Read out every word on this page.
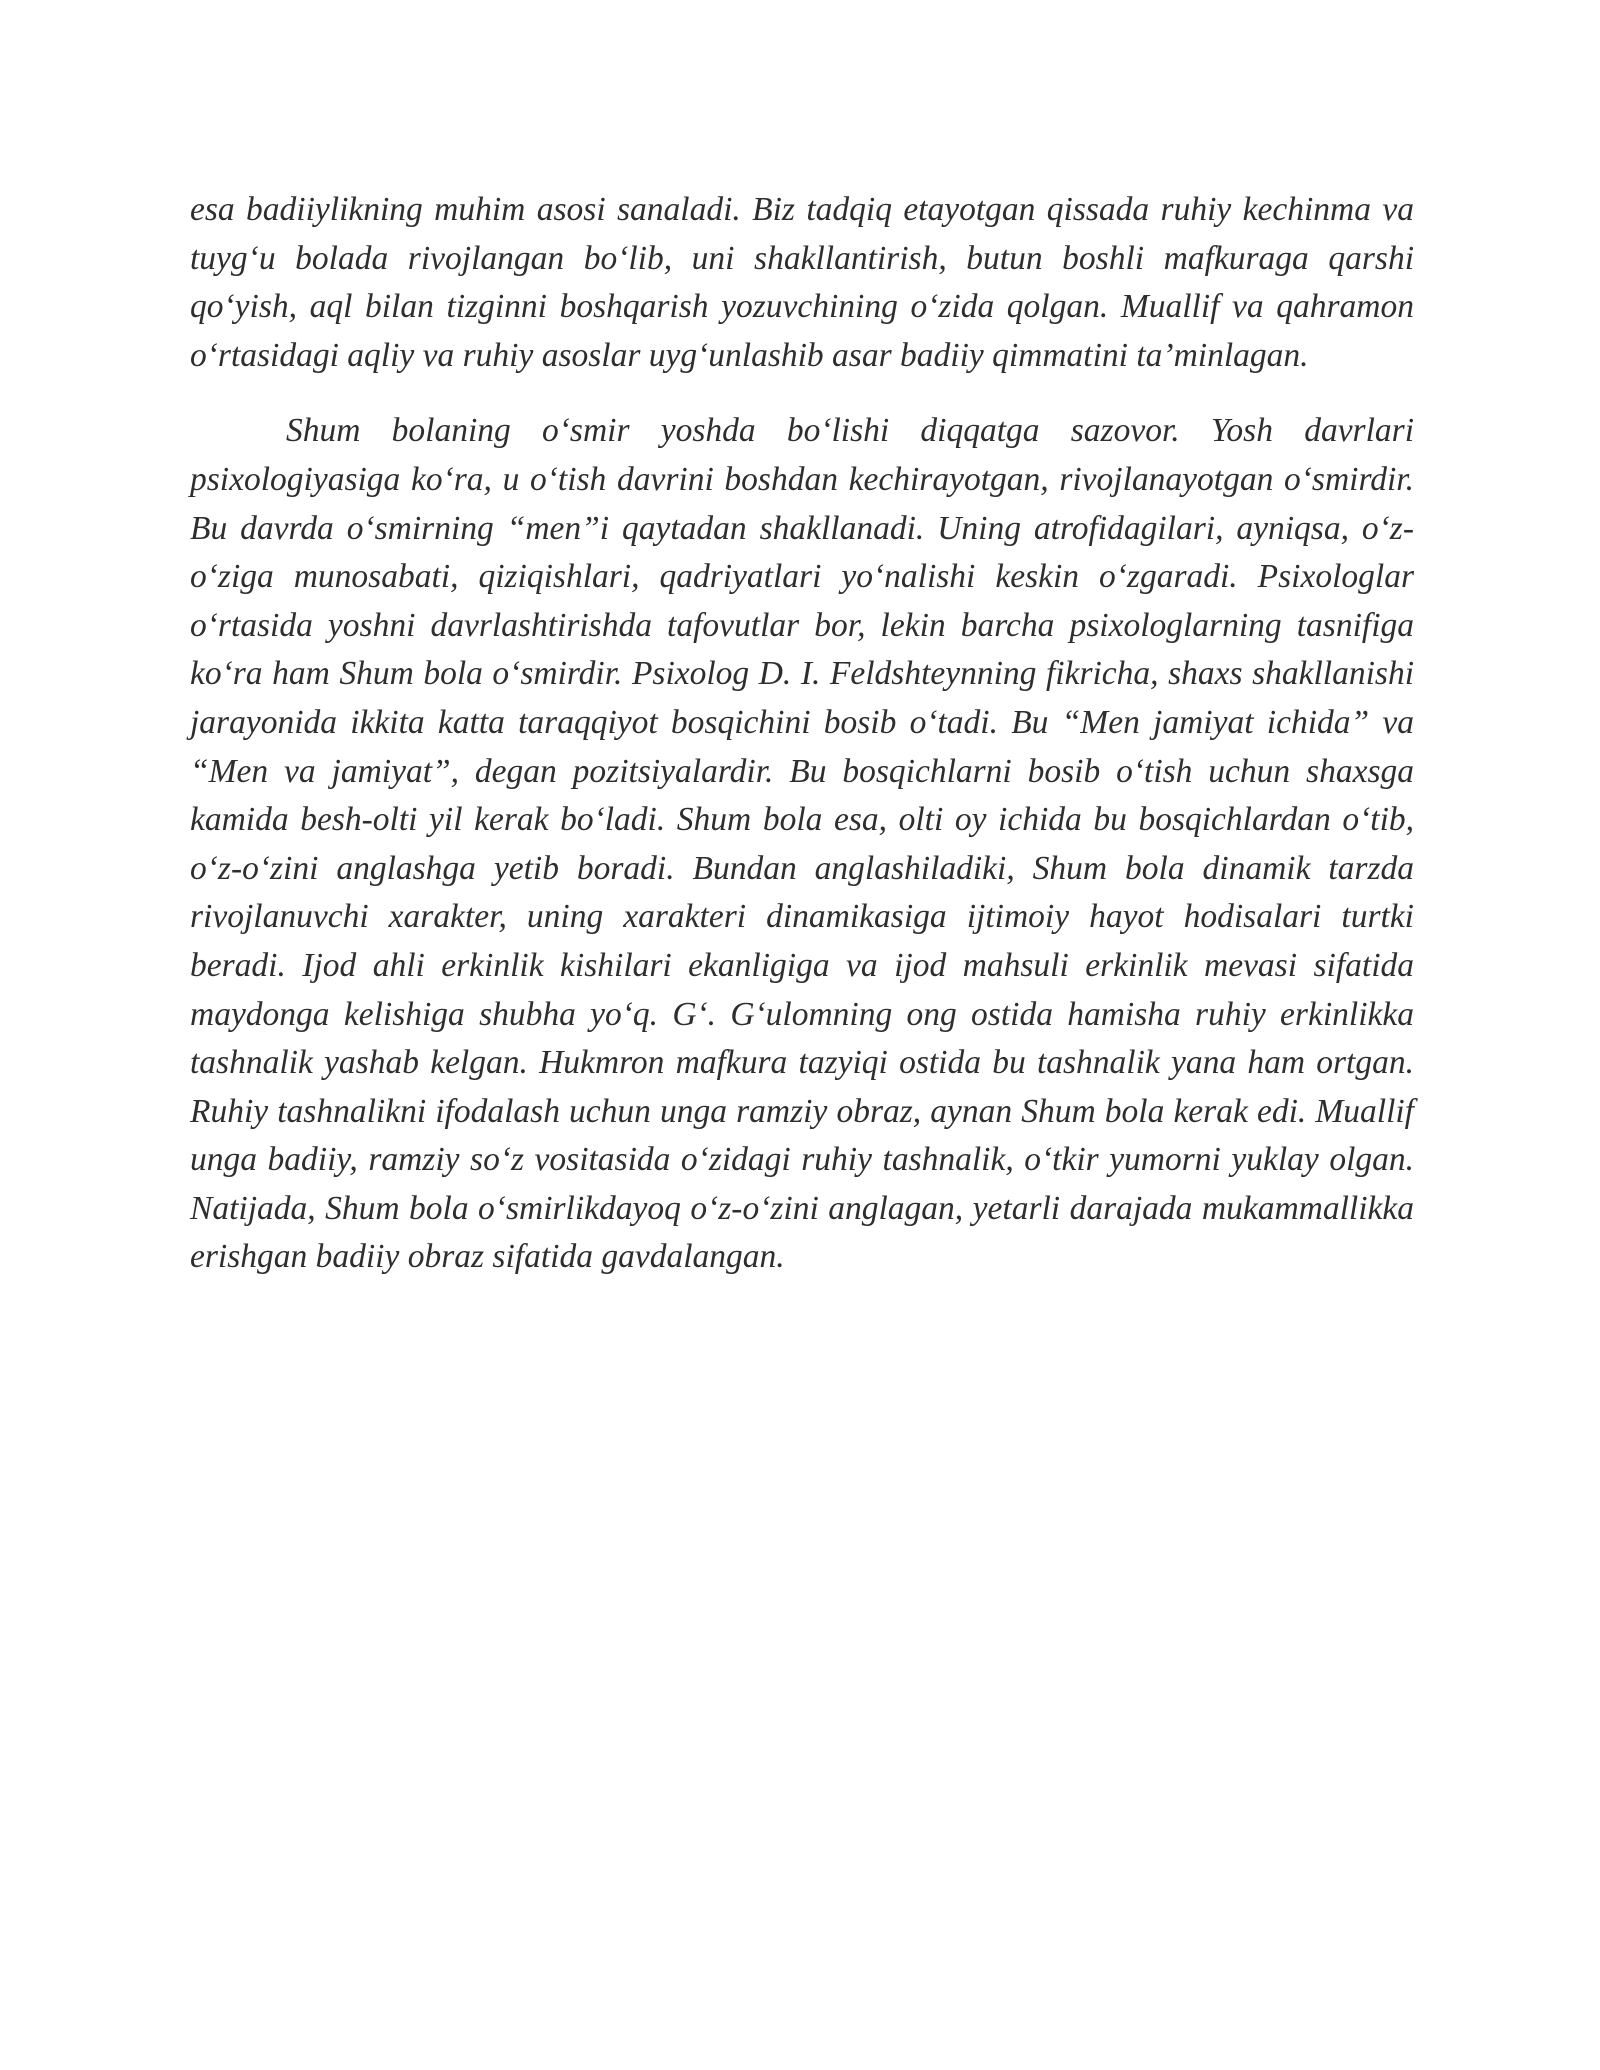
esa badiiylikning muhim asosi sanaladi. Biz tadqiq etayotgan qissada ruhiy kechinma va tuyg‘u bolada rivojlangan bo‘lib, uni shakllantirish, butun boshli mafkuraga qarshi qo‘yish, aql bilan tizginni boshqarish yozuvchining o‘zida qolgan. Muallif va qahramon o‘rtasidagi aqliy va ruhiy asoslar uyg‘unlashib asar badiiy qimmatini ta’minlagan.

Shum bolaning o‘smir yoshda bo‘lishi diqqatga sazovor. Yosh davrlari psixologiyasiga ko‘ra, u o‘tish davrini boshdan kechirayotgan, rivojlanayotgan o‘smirdir. Bu davrda o‘smirning “men”i qaytadan shakllanadi. Uning atrofidagilari, ayniqsa, o‘z-o‘ziga munosabati, qiziqishlari, qadriyatlari yo‘nalishi keskin o‘zgaradi. Psixologlar o‘rtasida yoshni davrlashtirishda tafovutlar bor, lekin barcha psixologlarning tasnifiga ko‘ra ham Shum bola o‘smirdir. Psixolog D. I. Feldshteynning fikricha, shaxs shakllanishi jarayonida ikkita katta taraqqiyot bosqichini bosib o‘tadi. Bu “Men jamiyat ichida” va “Men va jamiyat”, degan pozitsiyalardir. Bu bosqichlarni bosib o‘tish uchun shaxsga kamida besh-olti yil kerak bo‘ladi. Shum bola esa, olti oy ichida bu bosqichlardan o‘tib, o‘z-o‘zini anglashga yetib boradi. Bundan anglashiladiki, Shum bola dinamik tarzda rivojlanuvchi xarakter, uning xarakteri dinamikasiga ijtimoiy hayot hodisalari turtki beradi. Ijod ahli erkinlik kishilari ekanligiga va ijod mahsuli erkinlik mevasi sifatida maydonga kelishiga shubha yo‘q. G‘. G‘ulomning ong ostida hamisha ruhiy erkinlikka tashnalik yashab kelgan. Hukmron mafkura tazyiqi ostida bu tashnalik yana ham ortgan. Ruhiy tashnalikni ifodalash uchun unga ramziy obraz, aynan Shum bola kerak edi. Muallif unga badiiy, ramziy so‘z vositasida o‘zidagi ruhiy tashnalik, o‘tkir yumorni yuklay olgan. Natijada, Shum bola o‘smirlikdayoq o‘z-o‘zini anglagan, yetarli darajada mukammallikka erishgan badiiy obraz sifatida gavdalangan.
